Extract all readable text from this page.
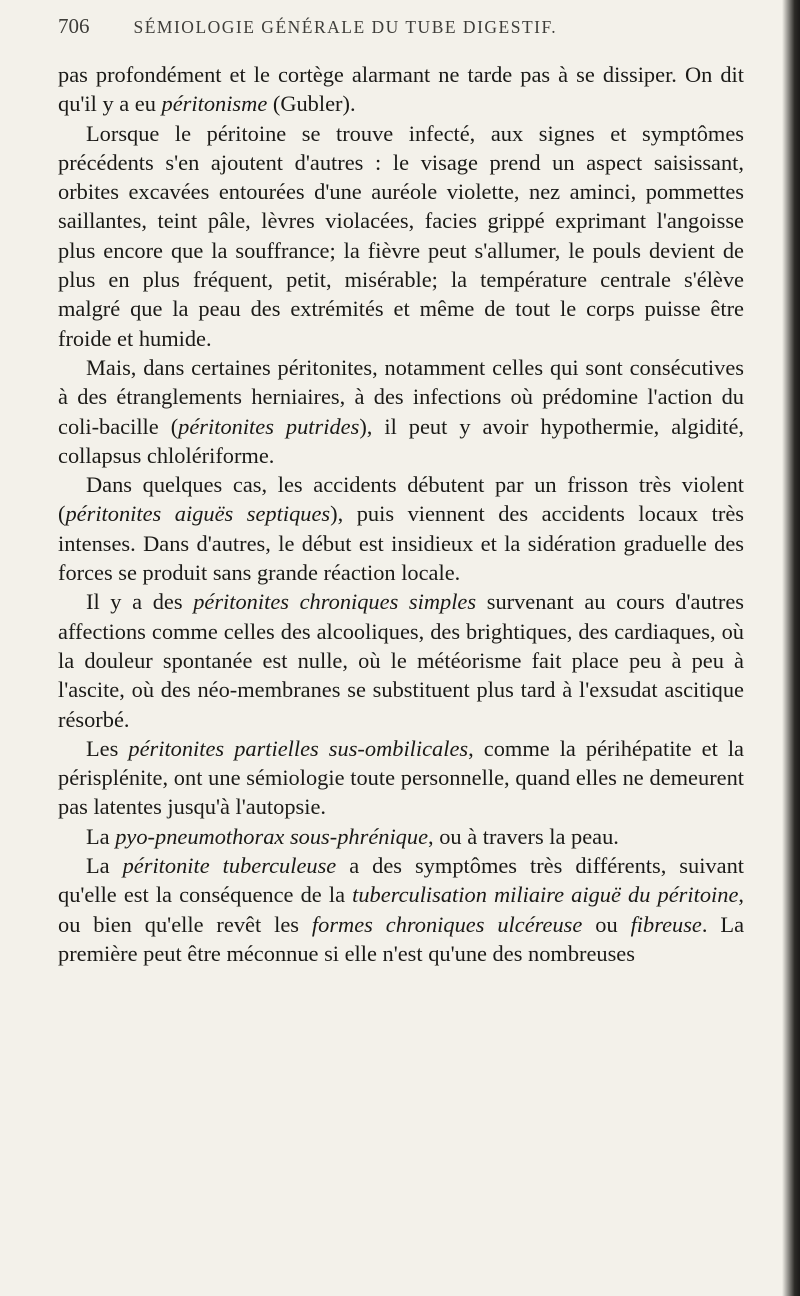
706	SÉMIOLOGIE GÉNÉRALE DU TUBE DIGESTIF.

pas profondément et le cortège alarmant ne tarde pas à se dissiper. On dit qu'il y a eu péritonisme (Gubler).

Lorsque le péritoine se trouve infecté, aux signes et symptômes précédents s'en ajoutent d'autres : le visage prend un aspect saisissant, orbites excavées entourées d'une auréole violette, nez aminci, pommettes saillantes, teint pâle, lèvres violacées, facies grippé exprimant l'angoisse plus encore que la souffrance; la fièvre peut s'allumer, le pouls devient de plus en plus fréquent, petit, misérable; la température centrale s'élève malgré que la peau des extrémités et même de tout le corps puisse être froide et humide.

Mais, dans certaines péritonites, notamment celles qui sont consécutives à des étranglements herniaires, à des infections où prédomine l'action du coli-bacille (péritonites putrides), il peut y avoir hypothermie, algidité, collapsus chlolériforme.

Dans quelques cas, les accidents débutent par un frisson très violent (péritonites aiguës septiques), puis viennent des accidents locaux très intenses. Dans d'autres, le début est insidieux et la sidération graduelle des forces se produit sans grande réaction locale.

Il y a des péritonites chroniques simples survenant au cours d'autres affections comme celles des alcooliques, des brightiques, des cardiaques, où la douleur spontanée est nulle, où le météorisme fait place peu à peu à l'ascite, où des néo-membranes se substituent plus tard à l'exsudat ascitique résorbé.

Les péritonites partielles sus-ombilicales, comme la périhépatite et la périsplénite, ont une sémiologie toute personnelle, quand elles ne demeurent pas latentes jusqu'à l'autopsie.

La pyo-pneumothorax sous-phrénique, ou à travers la peau.

La péritonite tuberculeuse a des symptômes très différents, suivant qu'elle est la conséquence de la tuberculisation miliaire aiguë du péritoine, ou bien qu'elle revêt les formes chroniques ulcéreuse ou fibreuse. La première peut être méconnue si elle n'est qu'une des nombreuses
